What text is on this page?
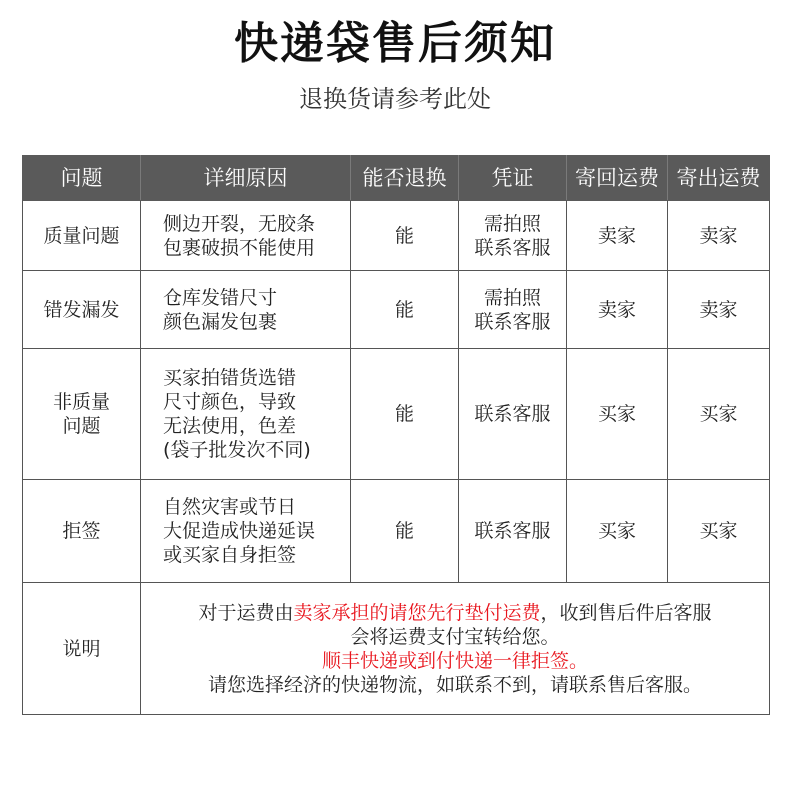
快递袋售后须知
退换货请参考此处
问题	详细原因	能否退换	凭证	寄回运费	寄出运费

质量问题	侧边开裂，无胶条
包裹破损不能使用	能	需拍照
联系客服	卖家	卖家

错发漏发	仓库发错尺寸
颜色漏发包裹	能	需拍照
联系客服	卖家	卖家

非质量
问题	买家拍错货选错
尺寸颜色，导致
无法使用，色差
(袋子批发次不同)	能	联系客服	买家	买家

拒签	自然灾害或节日
大促造成快递延误
或买家自身拒签	能	联系客服	买家	买家
说明	对于运费由卖家承担的请您先行垫付运费，收到售后件后客服
会将运费支付宝转给您。
顺丰快递或到付快递一律拒签。
请您选择经济的快递物流，如联系不到，请联系售后客服。				
